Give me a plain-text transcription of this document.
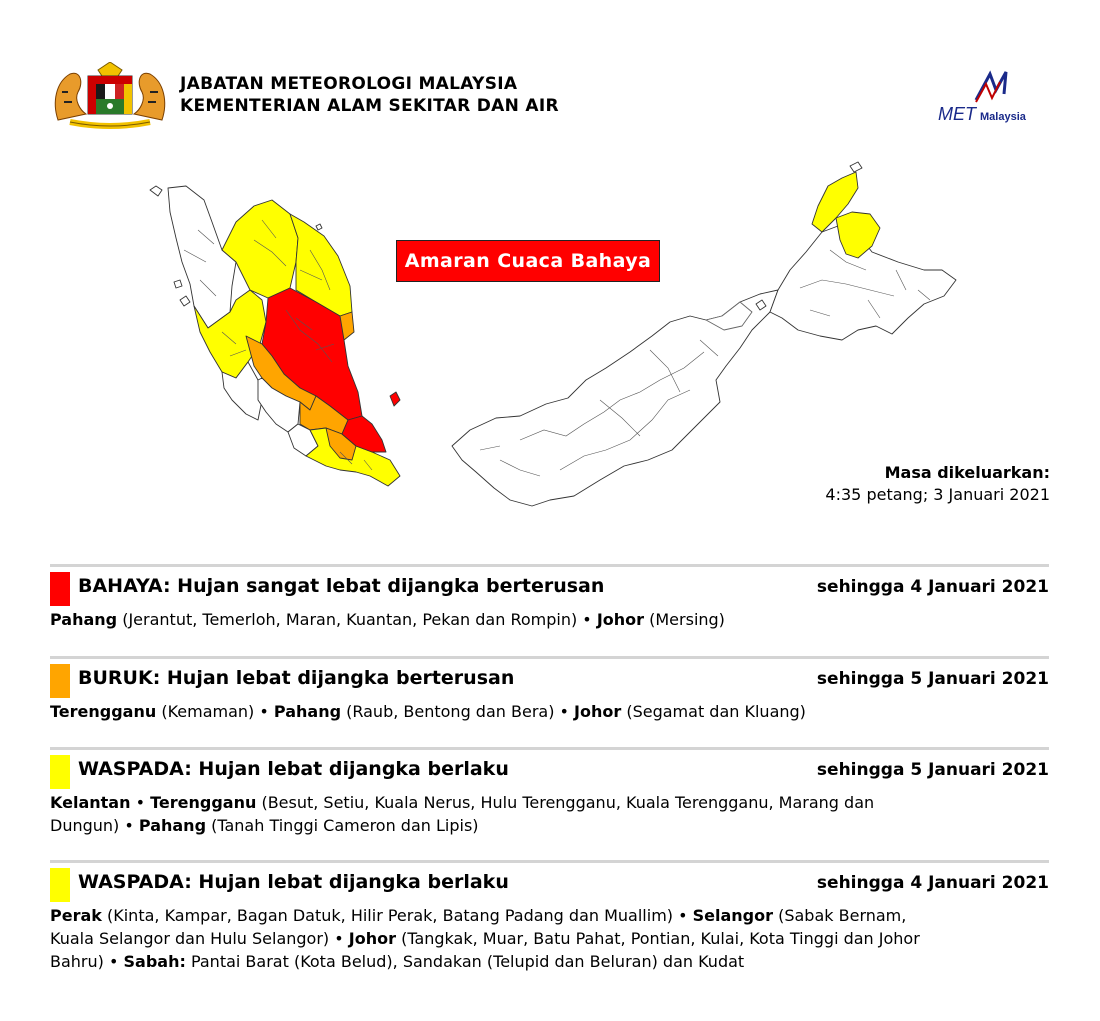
JABATAN METEOROLOGI MALAYSIA
KEMENTERIAN ALAM SEKITAR DAN AIR	MET Malaysia
Amaran Cuaca Bahaya
Masa dikeluarkan:
4:35 petang; 3 Januari 2021
BAHAYA: Hujan sangat lebat dijangka berterusan	sehingga 4 Januari 2021
Pahang (Jerantut, Temerloh, Maran, Kuantan, Pekan dan Rompin) • Johor (Mersing)
BURUK: Hujan lebat dijangka berterusan	sehingga 5 Januari 2021
Terengganu (Kemaman) • Pahang (Raub, Bentong dan Bera) • Johor (Segamat dan Kluang)
WASPADA: Hujan lebat dijangka berlaku	sehingga 5 Januari 2021
Kelantan • Terengganu (Besut, Setiu, Kuala Nerus, Hulu Terengganu, Kuala Terengganu, Marang dan
Dungun) • Pahang (Tanah Tinggi Cameron dan Lipis)
WASPADA: Hujan lebat dijangka berlaku	sehingga 4 Januari 2021
Perak (Kinta, Kampar, Bagan Datuk, Hilir Perak, Batang Padang dan Muallim) • Selangor (Sabak Bernam,
Kuala Selangor dan Hulu Selangor) • Johor (Tangkak, Muar, Batu Pahat, Pontian, Kulai, Kota Tinggi dan Johor
Bahru) • Sabah: Pantai Barat (Kota Belud), Sandakan (Telupid dan Beluran) dan Kudat
